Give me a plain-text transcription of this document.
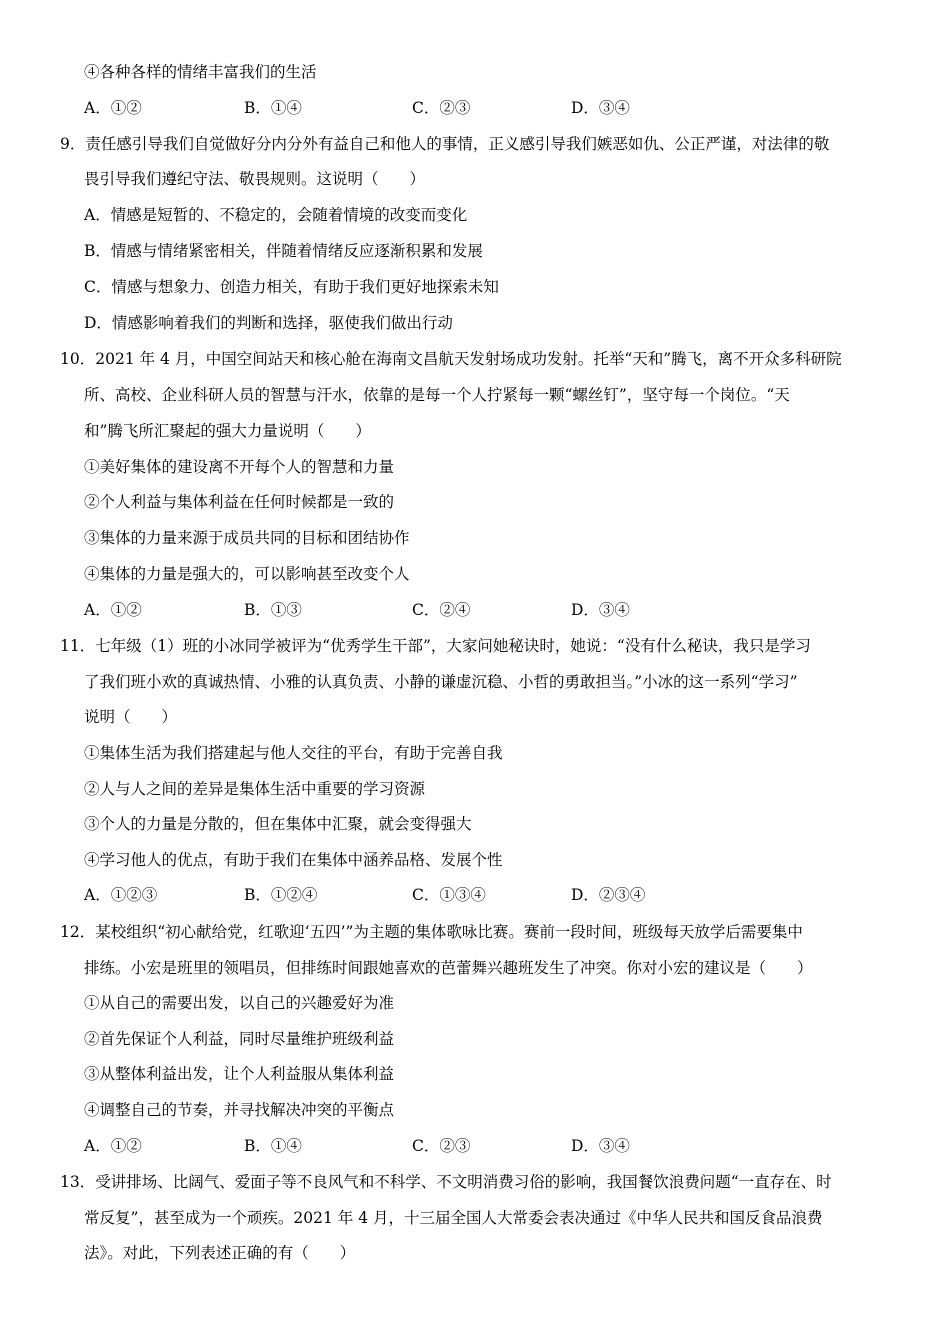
④各种各样的情绪丰富我们的生活
A．①②	B．①④	C．②③	D．③④
9．责任感引导我们自觉做好分内分外有益自己和他人的事情，正义感引导我们嫉恶如仇、公正严谨，对法律的敬
畏引导我们遵纪守法、敬畏规则。这说明（　　）
A．情感是短暂的、不稳定的，会随着情境的改变而变化
B．情感与情绪紧密相关，伴随着情绪反应逐渐积累和发展
C．情感与想象力、创造力相关，有助于我们更好地探索未知
D．情感影响着我们的判断和选择，驱使我们做出行动
10．2021 年 4 月，中国空间站天和核心舱在海南文昌航天发射场成功发射。托举“天和”腾飞，离不开众多科研院
所、高校、企业科研人员的智慧与汗水，依靠的是每一个人拧紧每一颗“螺丝钉”，坚守每一个岗位。“天
和”腾飞所汇聚起的强大力量说明（　　）
①美好集体的建设离不开每个人的智慧和力量
②个人利益与集体利益在任何时候都是一致的
③集体的力量来源于成员共同的目标和团结协作
④集体的力量是强大的，可以影响甚至改变个人
A．①②	B．①③	C．②④	D．③④
11．七年级（1）班的小冰同学被评为“优秀学生干部”，大家问她秘诀时，她说：“没有什么秘诀，我只是学习
了我们班小欢的真诚热情、小雅的认真负责、小静的谦虚沉稳、小哲的勇敢担当。”小冰的这一系列“学习”
说明（　　）
①集体生活为我们搭建起与他人交往的平台，有助于完善自我
②人与人之间的差异是集体生活中重要的学习资源
③个人的力量是分散的，但在集体中汇聚，就会变得强大
④学习他人的优点，有助于我们在集体中涵养品格、发展个性
A．①②③	B．①②④	C．①③④	D．②③④
12．某校组织“初心献给党，红歌迎‘五四’”为主题的集体歌咏比赛。赛前一段时间，班级每天放学后需要集中
排练。小宏是班里的领唱员，但排练时间跟她喜欢的芭蕾舞兴趣班发生了冲突。你对小宏的建议是（　　）
①从自己的需要出发，以自己的兴趣爱好为准
②首先保证个人利益，同时尽量维护班级利益
③从整体利益出发，让个人利益服从集体利益
④调整自己的节奏，并寻找解决冲突的平衡点
A．①②	B．①④	C．②③	D．③④
13．受讲排场、比阔气、爱面子等不良风气和不科学、不文明消费习俗的影响，我国餐饮浪费问题“一直存在、时
常反复”，甚至成为一个顽疾。2021 年 4 月，十三届全国人大常委会表决通过《中华人民共和国反食品浪费
法》。对此，下列表述正确的有（　　）
